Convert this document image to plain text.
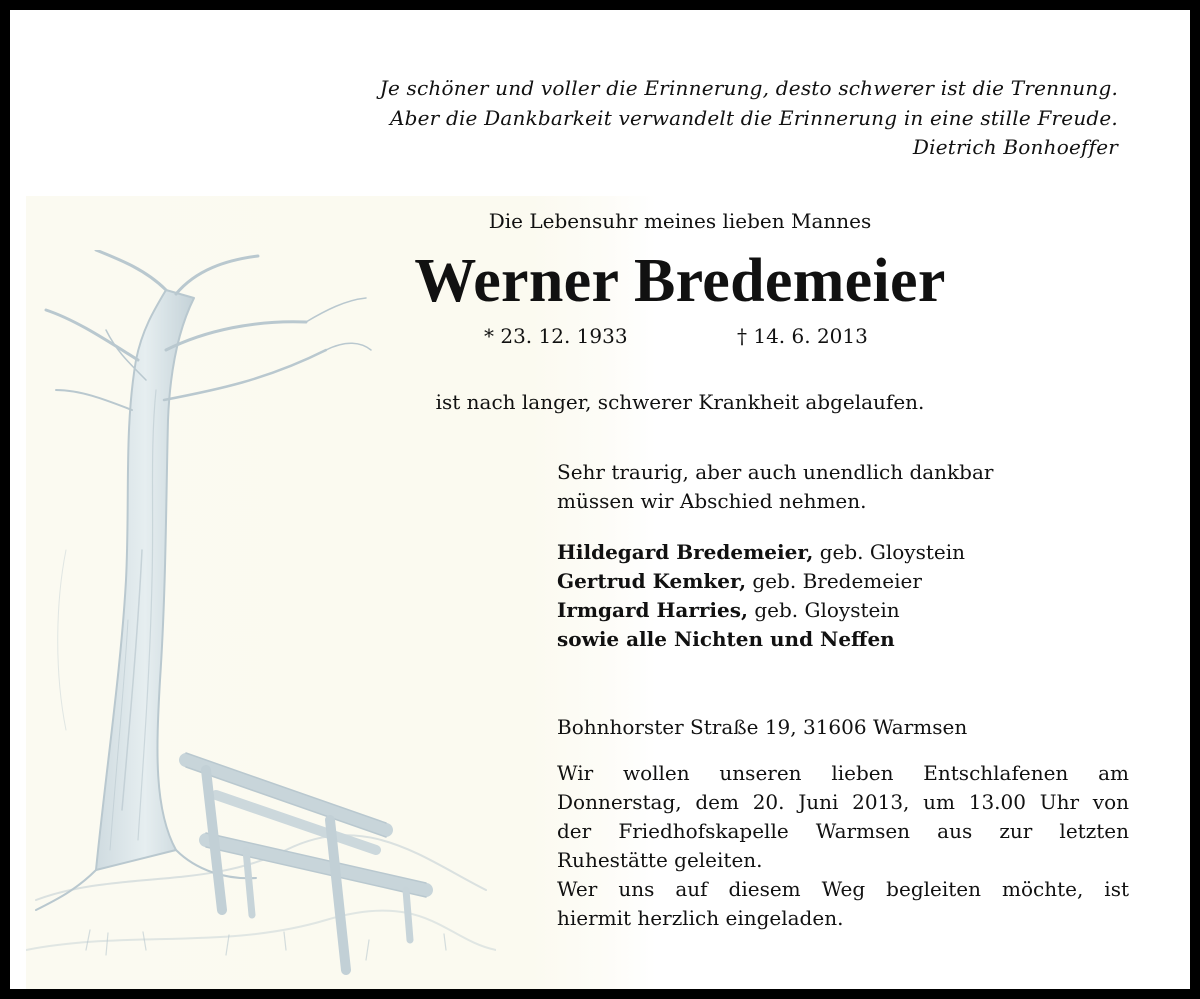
Je schöner und voller die Erinnerung, desto schwerer ist die Trennung.
Aber die Dankbarkeit verwandelt die Erinnerung in eine stille Freude.
Dietrich Bonhoeffer
Die Lebensuhr meines lieben Mannes
Werner Bredemeier
* 23. 12. 1933	† 14. 6. 2013
ist nach langer, schwerer Krankheit abgelaufen.
Sehr traurig, aber auch unendlich dankbar
müssen wir Abschied nehmen.
Hildegard Bredemeier, geb. Gloystein
Gertrud Kemker, geb. Bredemeier
Irmgard Harries, geb. Gloystein
sowie alle Nichten und Neffen
Bohnhorster Straße 19, 31606 Warmsen
Wir wollen unseren lieben Entschlafenen am
Donnerstag, dem 20. Juni 2013, um 13.00 Uhr von
der Friedhofskapelle Warmsen aus zur letzten
Ruhestätte geleiten.
Wer uns auf diesem Weg begleiten möchte, ist
hiermit herzlich eingeladen.
